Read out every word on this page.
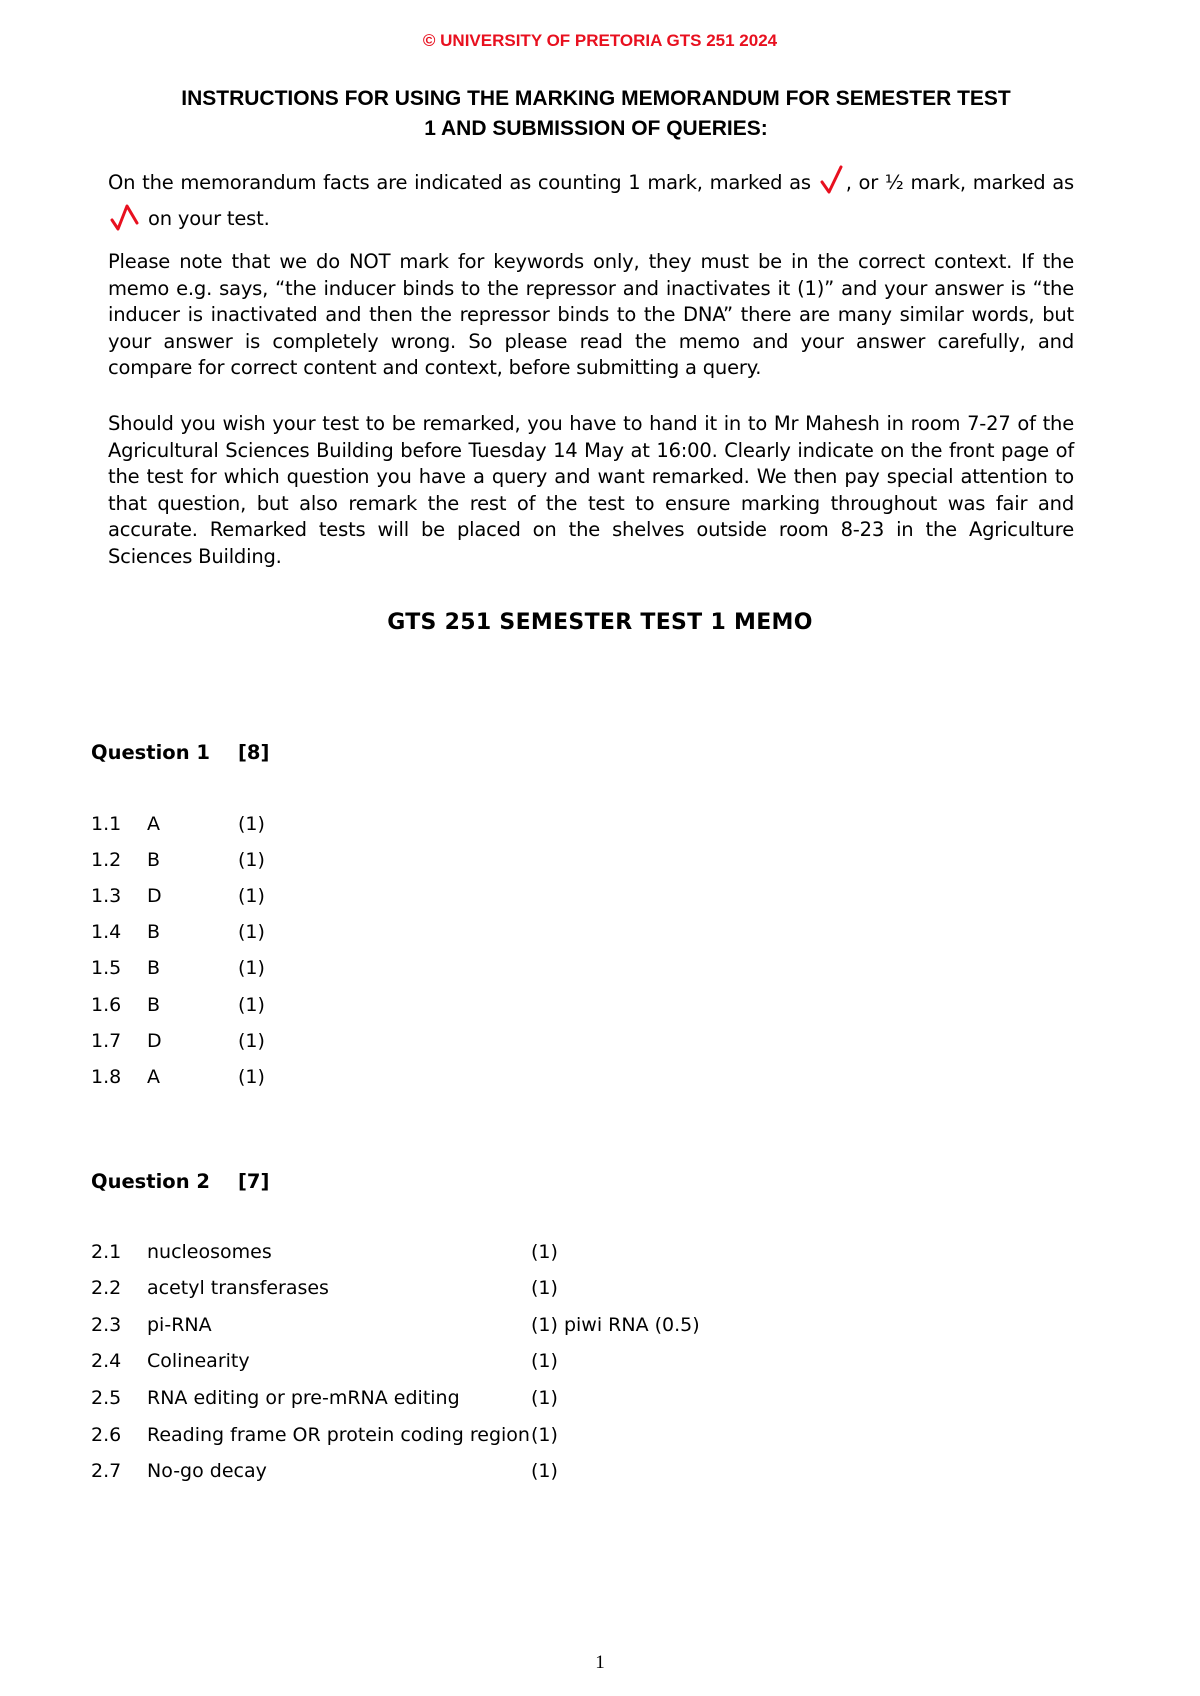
© UNIVERSITY OF PRETORIA GTS 251 2024
INSTRUCTIONS FOR USING THE MARKING MEMORANDUM FOR SEMESTER TEST
1 AND SUBMISSION OF QUERIES:
On the memorandum facts are indicated as counting 1 mark, marked as , or ½ mark, marked as  on your test.
Please note that we do NOT mark for keywords only, they must be in the correct context. If the memo e.g. says, “the inducer binds to the repressor and inactivates it (1)” and your answer is “the inducer is inactivated and then the repressor binds to the DNA” there are many similar words, but your answer is completely wrong. So please read the memo and your answer carefully, and compare for correct content and context, before submitting a query.
Should you wish your test to be remarked, you have to hand it in to Mr Mahesh in room 7-27 of the Agricultural Sciences Building before Tuesday 14 May at 16:00. Clearly indicate on the front page of the test for which question you have a query and want remarked. We then pay special attention to that question, but also remark the rest of the test to ensure marking throughout was fair and accurate. Remarked tests will be placed on the shelves outside room 8-23 in the Agriculture Sciences Building.
GTS 251 SEMESTER TEST 1 MEMO
Question 1 [8]
1.1 A	(1)
1.2 B	(1)
1.3 D	(1)
1.4 B	(1)
1.5 B	(1)
1.6 B	(1)
1.7 D	(1)
1.8 A	(1)
Question 2 [7]
2.1 nucleosomes	(1)
2.2 acetyl transferases	(1)
2.3 pi-RNA	(1) piwi RNA (0.5)
2.4 Colinearity	(1)
2.5 RNA editing or pre-mRNA editing	(1)
2.6 Reading frame OR protein coding region (1)
2.7 No-go decay	(1)
1
